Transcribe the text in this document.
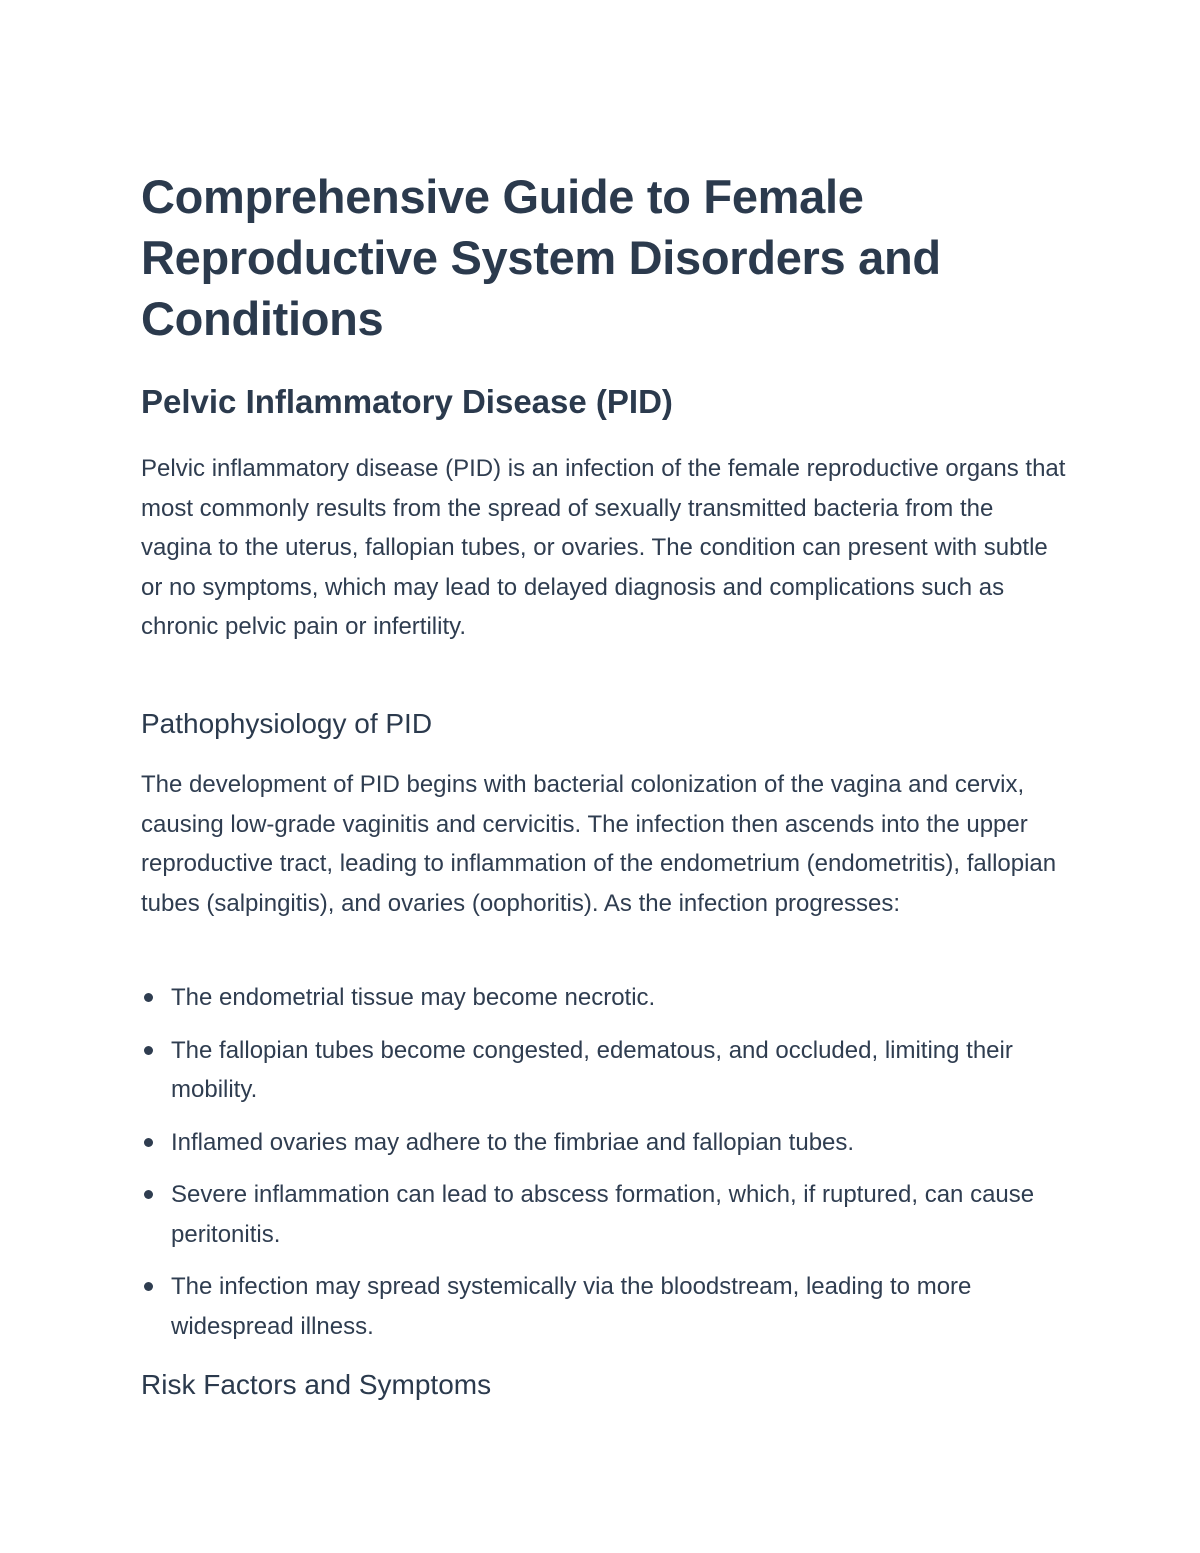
Comprehensive Guide to Female Reproductive System Disorders and Conditions
Pelvic Inflammatory Disease (PID)

Pelvic inflammatory disease (PID) is an infection of the female reproductive organs that most commonly results from the spread of sexually transmitted bacteria from the vagina to the uterus, fallopian tubes, or ovaries. The condition can present with subtle or no symptoms, which may lead to delayed diagnosis and complications such as chronic pelvic pain or infertility.

Pathophysiology of PID

The development of PID begins with bacterial colonization of the vagina and cervix, causing low-grade vaginitis and cervicitis. The infection then ascends into the upper reproductive tract, leading to inflammation of the endometrium (endometritis), fallopian tubes (salpingitis), and ovaries (oophoritis). As the infection progresses:

The endometrial tissue may become necrotic.
The fallopian tubes become congested, edematous, and occluded, limiting their mobility.
Inflamed ovaries may adhere to the fimbriae and fallopian tubes.
Severe inflammation can lead to abscess formation, which, if ruptured, can cause peritonitis.
The infection may spread systemically via the bloodstream, leading to more widespread illness.
Risk Factors and Symptoms
